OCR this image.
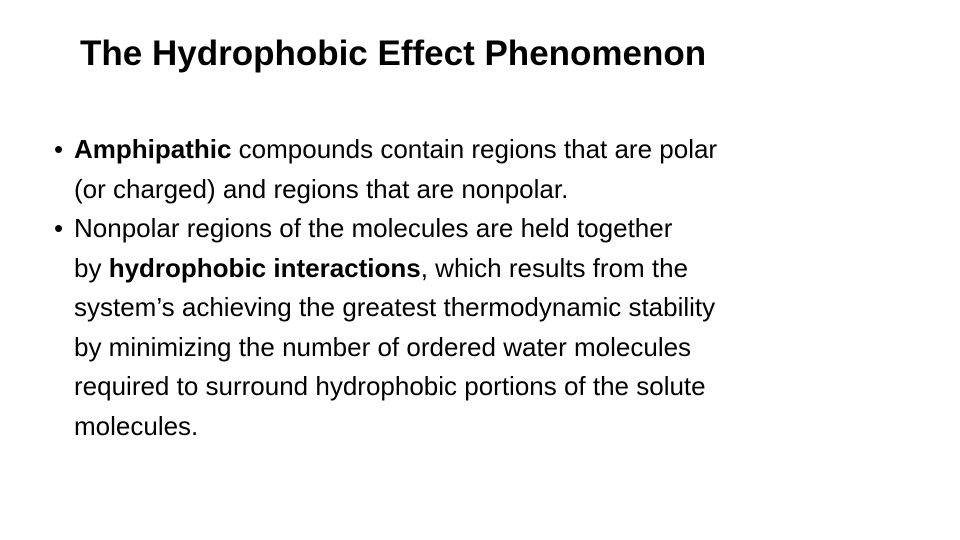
The Hydrophobic Effect Phenomenon
• Amphipathic compounds contain regions that are polar
(or charged) and regions that are nonpolar.
• Nonpolar regions of the molecules are held together
by hydrophobic interactions, which results from the
system’s achieving the greatest thermodynamic stability
by minimizing the number of ordered water molecules
required to surround hydrophobic portions of the solute
molecules.
